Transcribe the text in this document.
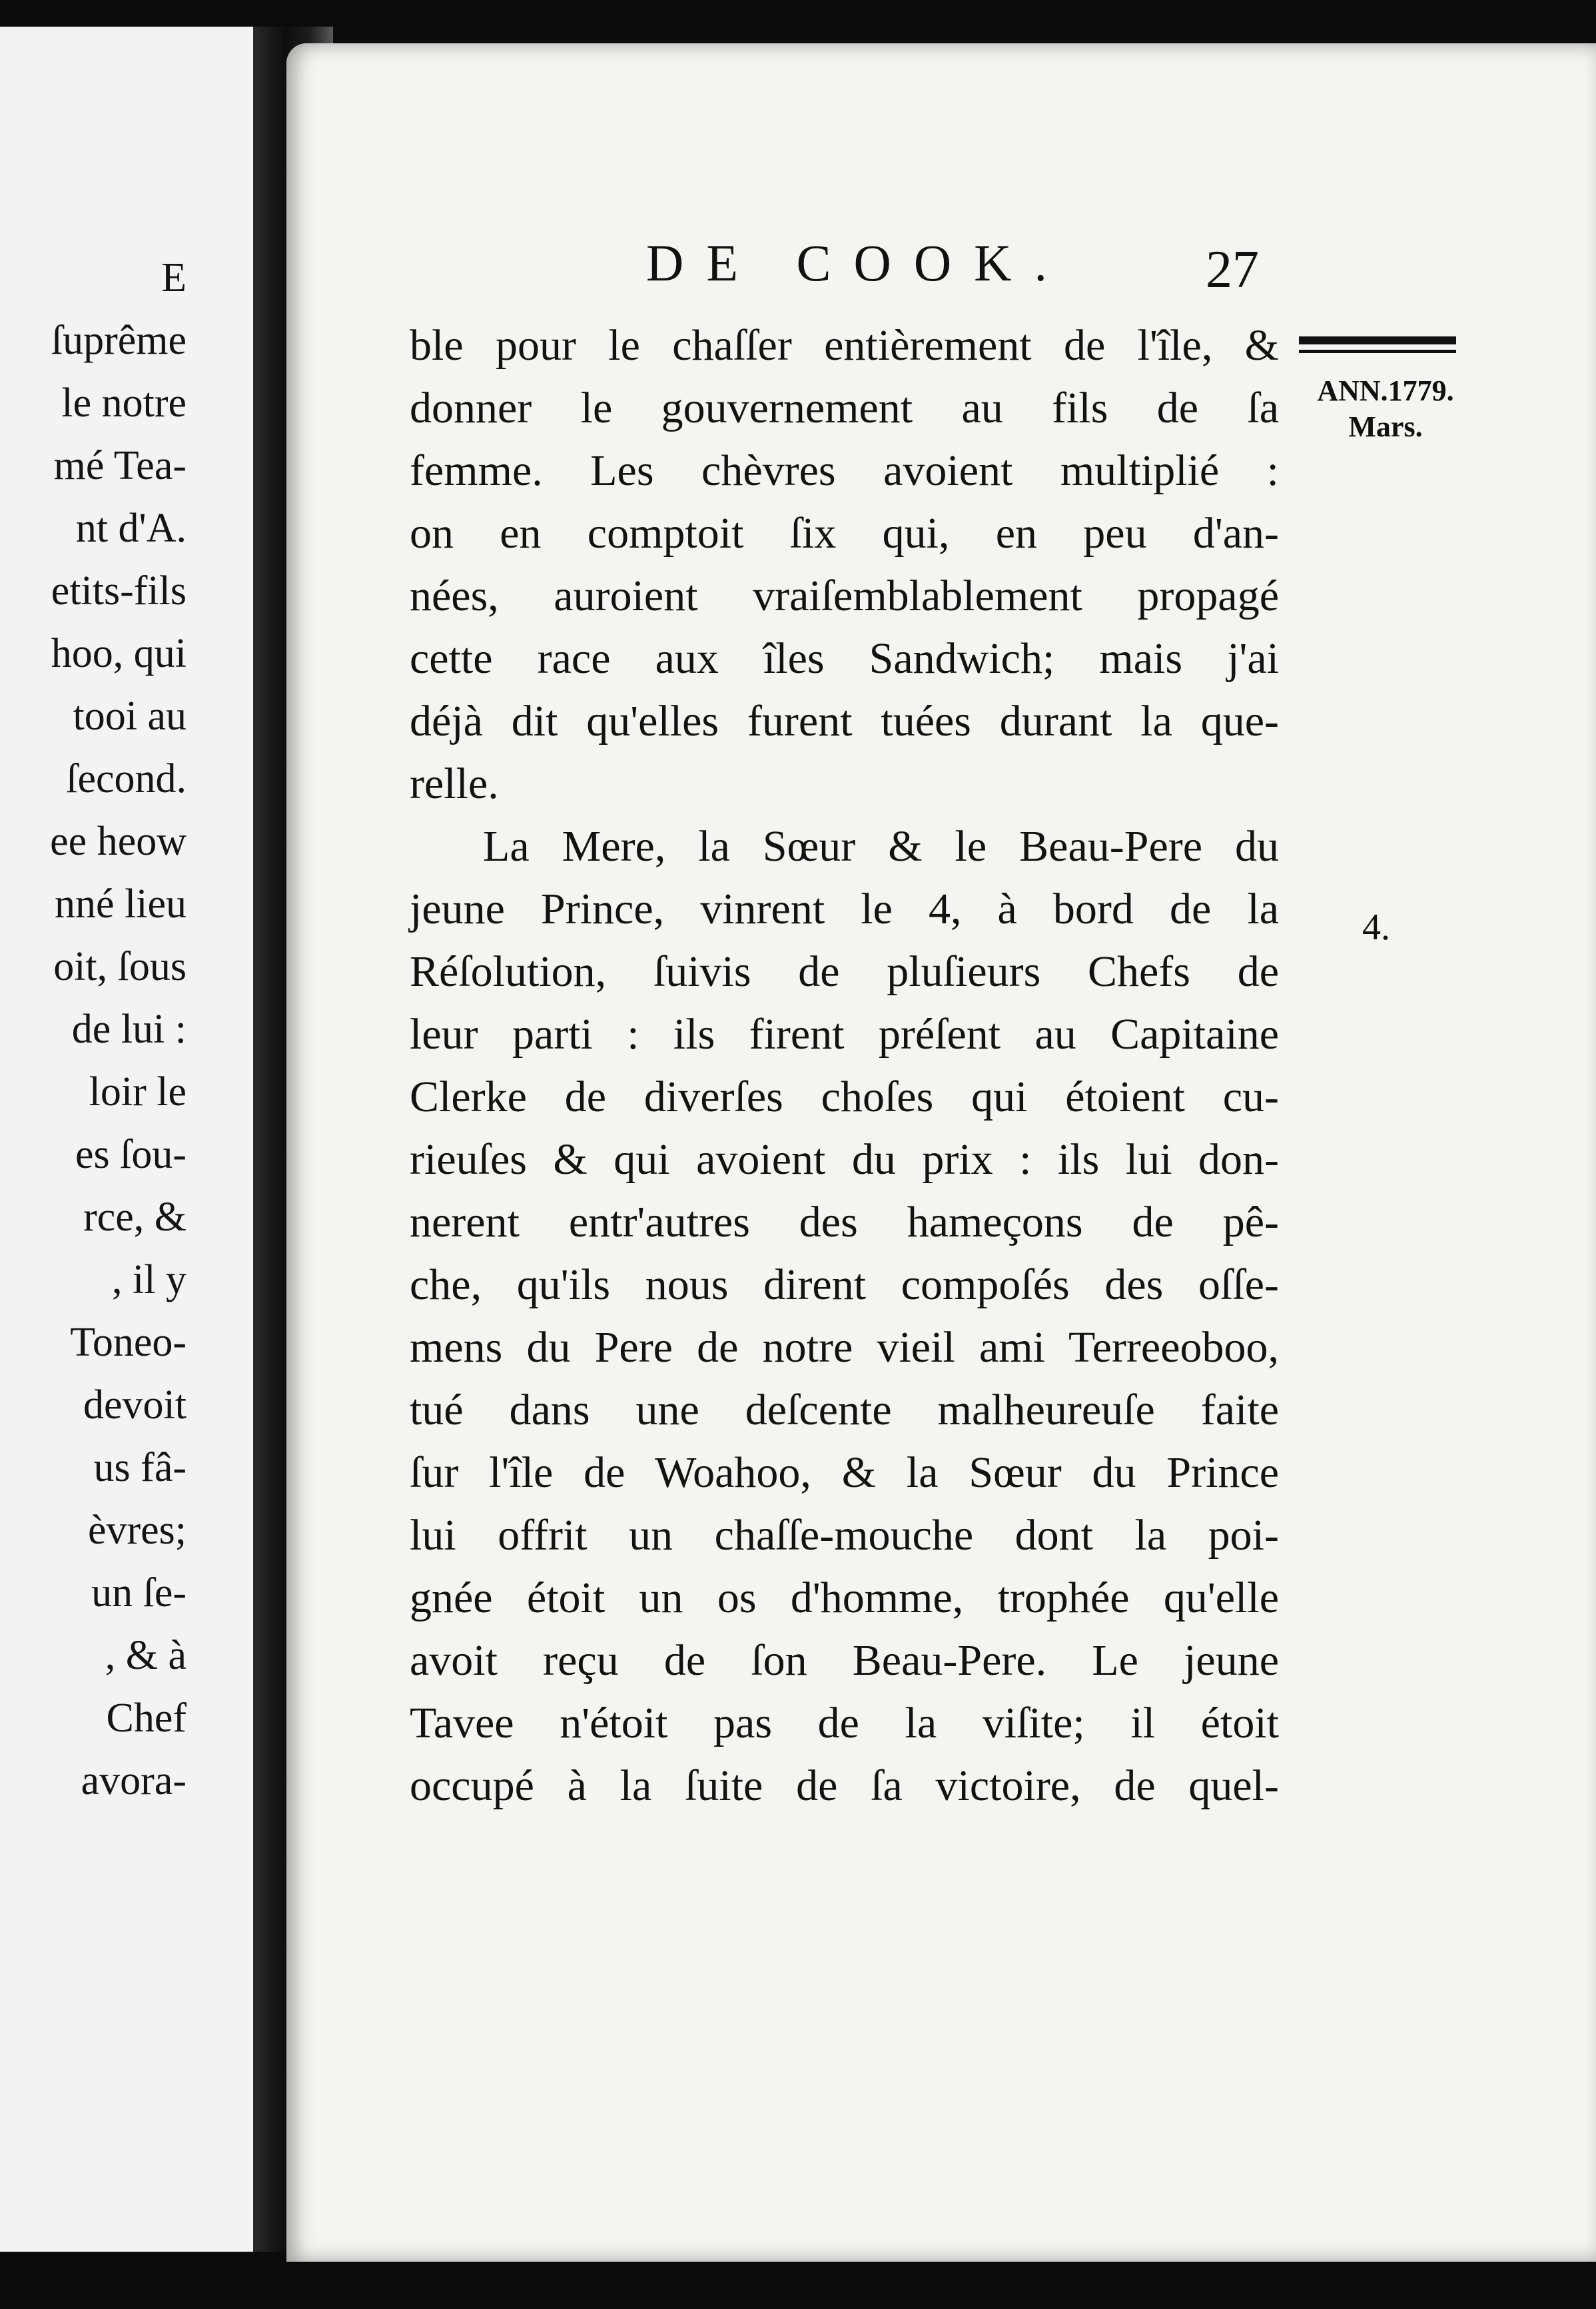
E
ſuprême
le notre
mé Tea-
nt d'A.
etits-fils
hoo, qui
tooi au
ſecond.
ee heow
nné lieu
oit, ſous
de lui :
loir le
es ſou-
rce, &
, il y
Toneo-
devoit
us fâ-
èvres;
un ſe-
, & à
Chef
avora-
DE COOK.	27
ANN.1779.
Mars.
4.
ble pour le chaſſer entièrement de l'île, &
donner le gouvernement au fils de ſa
femme. Les chèvres avoient multiplié :
on en comptoit ſix qui, en peu d'an-
nées, auroient vraiſemblablement propagé
cette race aux îles Sandwich; mais j'ai
déjà dit qu'elles furent tuées durant la que-
relle.
La Mere, la Sœur & le Beau-Pere du
jeune Prince, vinrent le 4, à bord de la
Réſolution, ſuivis de pluſieurs Chefs de
leur parti : ils firent préſent au Capitaine
Clerke de diverſes choſes qui étoient cu-
rieuſes & qui avoient du prix : ils lui don-
nerent entr'autres des hameçons de pê-
che, qu'ils nous dirent compoſés des oſſe-
mens du Pere de notre vieil ami Terreeoboo,
tué dans une deſcente malheureuſe faite
ſur l'île de Woahoo, & la Sœur du Prince
lui offrit un chaſſe-mouche dont la poi-
gnée étoit un os d'homme, trophée qu'elle
avoit reçu de ſon Beau-Pere. Le jeune
Tavee n'étoit pas de la viſite; il étoit
occupé à la ſuite de ſa victoire, de quel-
